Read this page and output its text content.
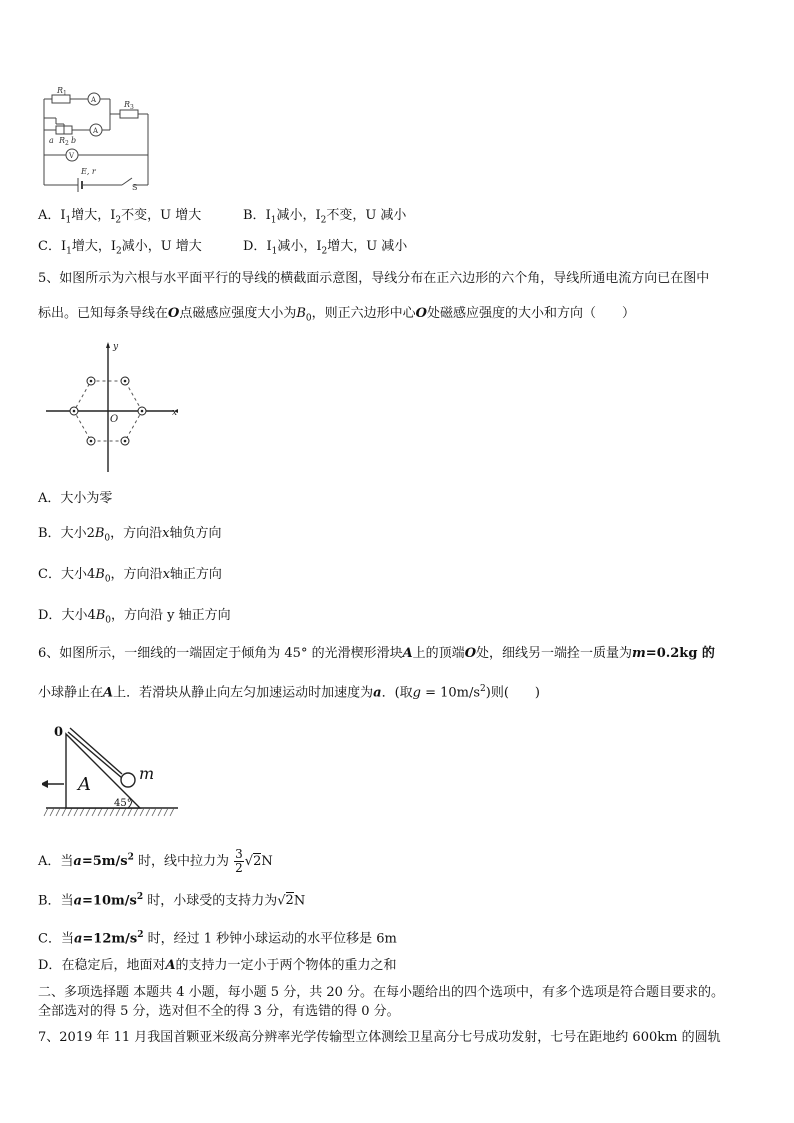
R 1
A
A
V
R 3
a R 2 b
E, r
S
A．$I_1$增大，$I_2$不变，U 增大	B．$I_1$减小，$I_2$不变，U 减小
C．$I_1$增大，$I_2$减小，U 增大	D．$I_1$减小，$I_2$增大，U 减小
5、如图所示为六根与水平面平行的导线的横截面示意图，导线分布在正六边形的六个角，导线所通电流方向已在图中
标出。已知每条导线在O点磁感应强度大小为$B_0$，则正六边形中心O处磁感应强度的大小和方向（　　）
y
x
O
A．大小为零
B．大小$2B_0$，方向沿x轴负方向
C．大小$4B_0$，方向沿x轴正方向
D．大小$4B_0$，方向沿 y 轴正方向
6、如图所示，一细线的一端固定于倾角为 45° 的光滑楔形滑块A上的顶端O处，细线另一端拴一质量为m=0.2kg 的
小球静止在A上．若滑块从静止向左匀加速运动时加速度为a．(取$g = 10m/s^2$)则(　　)
0
A
m
45°
A．当$a=5m/s^2$ 时，线中拉力为 $\frac{3}{2} √2N$
B．当$a=10m/s^2$ 时，小球受的支持力为√2N
C．当$a=12m/s^2$ 时，经过 1 秒钟小球运动的水平位移是 6m
D．在稳定后，地面对A的支持力一定小于两个物体的重力之和
二、多项选择题 本题共 4 小题，每小题 5 分，共 20 分。在每小题给出的四个选项中，有多个选项是符合题目要求的。
全部选对的得 5 分，选对但不全的得 3 分，有选错的得 0 分。
7、2019 年 11 月我国首颗亚米级高分辨率光学传输型立体测绘卫星高分七号成功发射，七号在距地约 600km 的圆轨
